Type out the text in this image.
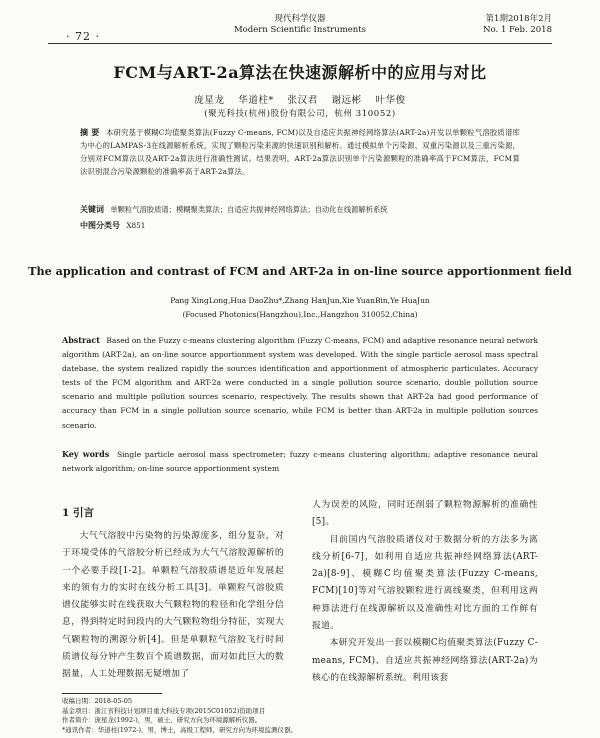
· 72 ·
现代科学仪器
Modern Scientific Instruments
第1期2018年2月
No. 1 Feb. 2018
FCM与ART-2a算法在快速源解析中的应用与对比
庞星龙 华道柱* 张汉君 谢远彬 叶华俊
(聚光科技(杭州)股份有限公司，杭州 310052)
摘 要 本研究基于模糊C均值聚类算法(Fuzzy C-means, FCM)以及自适应共振神经网络算法(ART-2a)开发以单颗粒气溶胶质谱库为中心的LAMPAS-3在线源解析系统，实现了颗粒污染来源的快速识别和解析。通过模拟单个污染源、双重污染源以及三重污染源，分别对FCM算法以及ART-2a算法进行准确性测试。结果表明，ART-2a算法识别单个污染源颗粒的准确率高于FCM算法，FCM算法识别混合污染源颗粒的准确率高于ART-2a算法。
关键词 单颗粒气溶胶质谱；模糊聚类算法；自适应共振神经网络算法；自动化在线源解析系统
中图分类号 X851
The application and contrast of FCM and ART-2a in on-line source apportionment field
Pang XingLong,Hua DaoZhu*,Zhang HanJun,Xie YuanBin,Ye HuaJun
(Focused Photonics(Hangzhou),Inc.,Hangzhou 310052,China)
Abstract Based on the Fuzzy c-means clustering algorithm (Fuzzy C-means, FCM) and adaptive resonance neural network algorithm (ART-2a), an on-line source apportionment system was developed. With the single particle aerosol mass spectral datebase, the system realized rapidly the sources identification and apportionment of atmospheric particulates. Accuracy tests of the FCM algorithm and ART-2a were conducted in a single pollution source scenario, double pollution source scenario and multiple pollution sources scenario, respectively. The results shown that ART-2a had good performance of accuracy than FCM in a single pollution source scenario, while FCM is better than ART-2a in multiple pollution sources scenario.
Key words Single particle aerosol mass spectrometer; fuzzy c-means clustering algorithm; adaptive resonance neural network algorithm; on-line source apportionment system
1 引言

大气气溶胶中污染物的污染源庞多，组分复杂，对于环境受体的气溶胶分析已经成为大气气溶胶源解析的一个必要手段[1-2]。单颗粒气溶胶质谱是近年发展起来的领有力的实时在线分析工具[3]。单颗粒气溶胶质谱仪能够实时在线获取大气颗粒物的粒径和化学组分信息，得到特定时间段内的大气颗粒物组分特征，实现大气颗粒物的溯源分析[4]。但是单颗粒气溶胶飞行时间质谱仪每分钟产生数百个质谱数据，面对如此巨大的数据量，人工处理数据无疑增加了

人为误差的风险，同时还削弱了颗粒物源解析的准确性[5]。

目前国内气溶胶质谱仪对于数据分析的方法多为离线分析[6-7]，如利用自适应共振神经网络算法(ART-2a)[8-9]、模糊C均值聚类算法(Fuzzy C-means, FCM)[10]等对气溶胶颗粒进行离线聚类，但利用这两种算法进行在线源解析以及准确性对比方面的工作鲜有报道。

本研究开发出一套以模糊C均值聚类算法(Fuzzy C-means, FCM)、自适应共振神经网络算法(ART-2a)为核心的在线源解析系统。利用该套

收稿日期：2018-05-05
基金项目：浙江省科技计划项目重大科技专项(2015C01052)资助项目
作者简介：庞星龙(1992-)，男，硕士，研究方向为环境源解析仪器。
*通讯作者：华道柱(1972-)，男，博士，高级工程师，研究方向为环境监测仪器。
